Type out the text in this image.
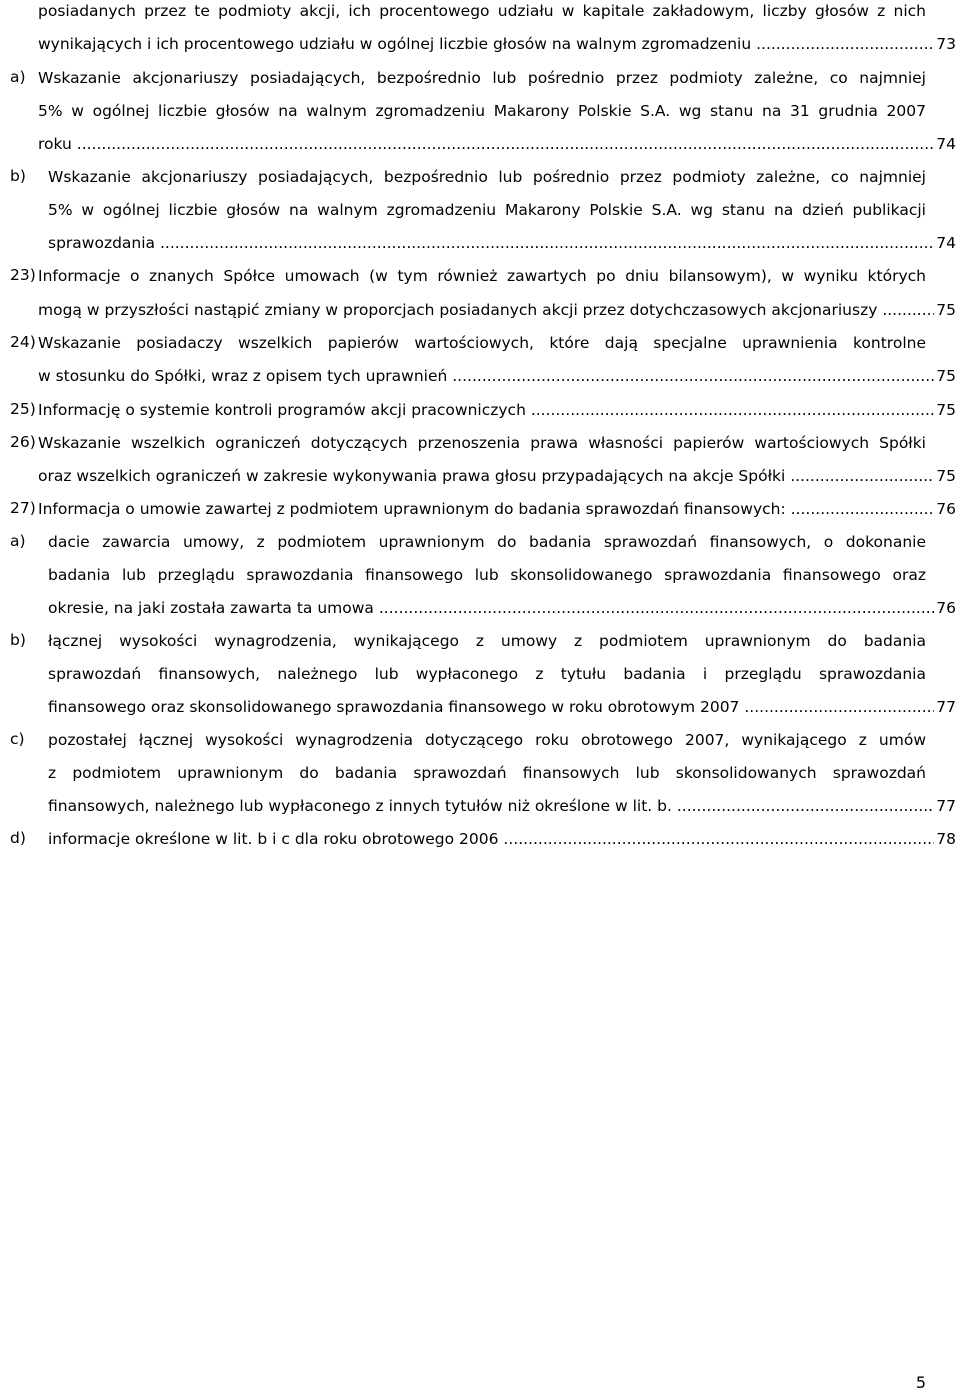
posiadanych przez te podmioty akcji, ich procentowego udziału w kapitale zakładowym, liczby głosów z nich
wynikających i ich procentowego udziału w ogólnej liczbie głosów na walnym zgromadzeniu .....	73
a) Wskazanie akcjonariuszy posiadających, bezpośrednio lub pośrednio przez podmioty zależne, co najmniej
5% w ogólnej liczbie głosów na walnym zgromadzeniu Makarony Polskie S.A. wg stanu na 31 grudnia 2007
roku .....	74
b) Wskazanie akcjonariuszy posiadających, bezpośrednio lub pośrednio przez podmioty zależne, co najmniej
5% w ogólnej liczbie głosów na walnym zgromadzeniu Makarony Polskie S.A. wg stanu na dzień publikacji
sprawozdania .....	74
23) Informacje o znanych Spółce umowach (w tym również zawartych po dniu bilansowym), w wyniku których
mogą w przyszłości nastąpić zmiany w proporcjach posiadanych akcji przez dotychczasowych akcjonariuszy .....	75
24) Wskazanie posiadaczy wszelkich papierów wartościowych, które dają specjalne uprawnienia kontrolne
w stosunku do Spółki, wraz z opisem tych uprawnień .....	75
25) Informację o systemie kontroli programów akcji pracowniczych .....	75
26) Wskazanie wszelkich ograniczeń dotyczących przenoszenia prawa własności papierów wartościowych Spółki
oraz wszelkich ograniczeń w zakresie wykonywania prawa głosu przypadających na akcje Spółki .....	75
27) Informacja o umowie zawartej z podmiotem uprawnionym do badania sprawozdań finansowych: .....	76
a) dacie zawarcia umowy, z podmiotem uprawnionym do badania sprawozdań finansowych, o dokonanie
badania lub przeglądu sprawozdania finansowego lub skonsolidowanego sprawozdania finansowego oraz
okresie, na jaki została zawarta ta umowa .....	76
b) łącznej wysokości wynagrodzenia, wynikającego z umowy z podmiotem uprawnionym do badania
sprawozdań finansowych, należnego lub wypłaconego z tytułu badania i przeglądu sprawozdania
finansowego oraz skonsolidowanego sprawozdania finansowego w roku obrotowym 2007 .....	77
c) pozostałej łącznej wysokości wynagrodzenia dotyczącego roku obrotowego 2007, wynikającego z umów
z podmiotem uprawnionym do badania sprawozdań finansowych lub skonsolidowanych sprawozdań
finansowych, należnego lub wypłaconego z innych tytułów niż określone w lit. b. .....	77
d) informacje określone w lit. b i c dla roku obrotowego 2006 .....	78
5
